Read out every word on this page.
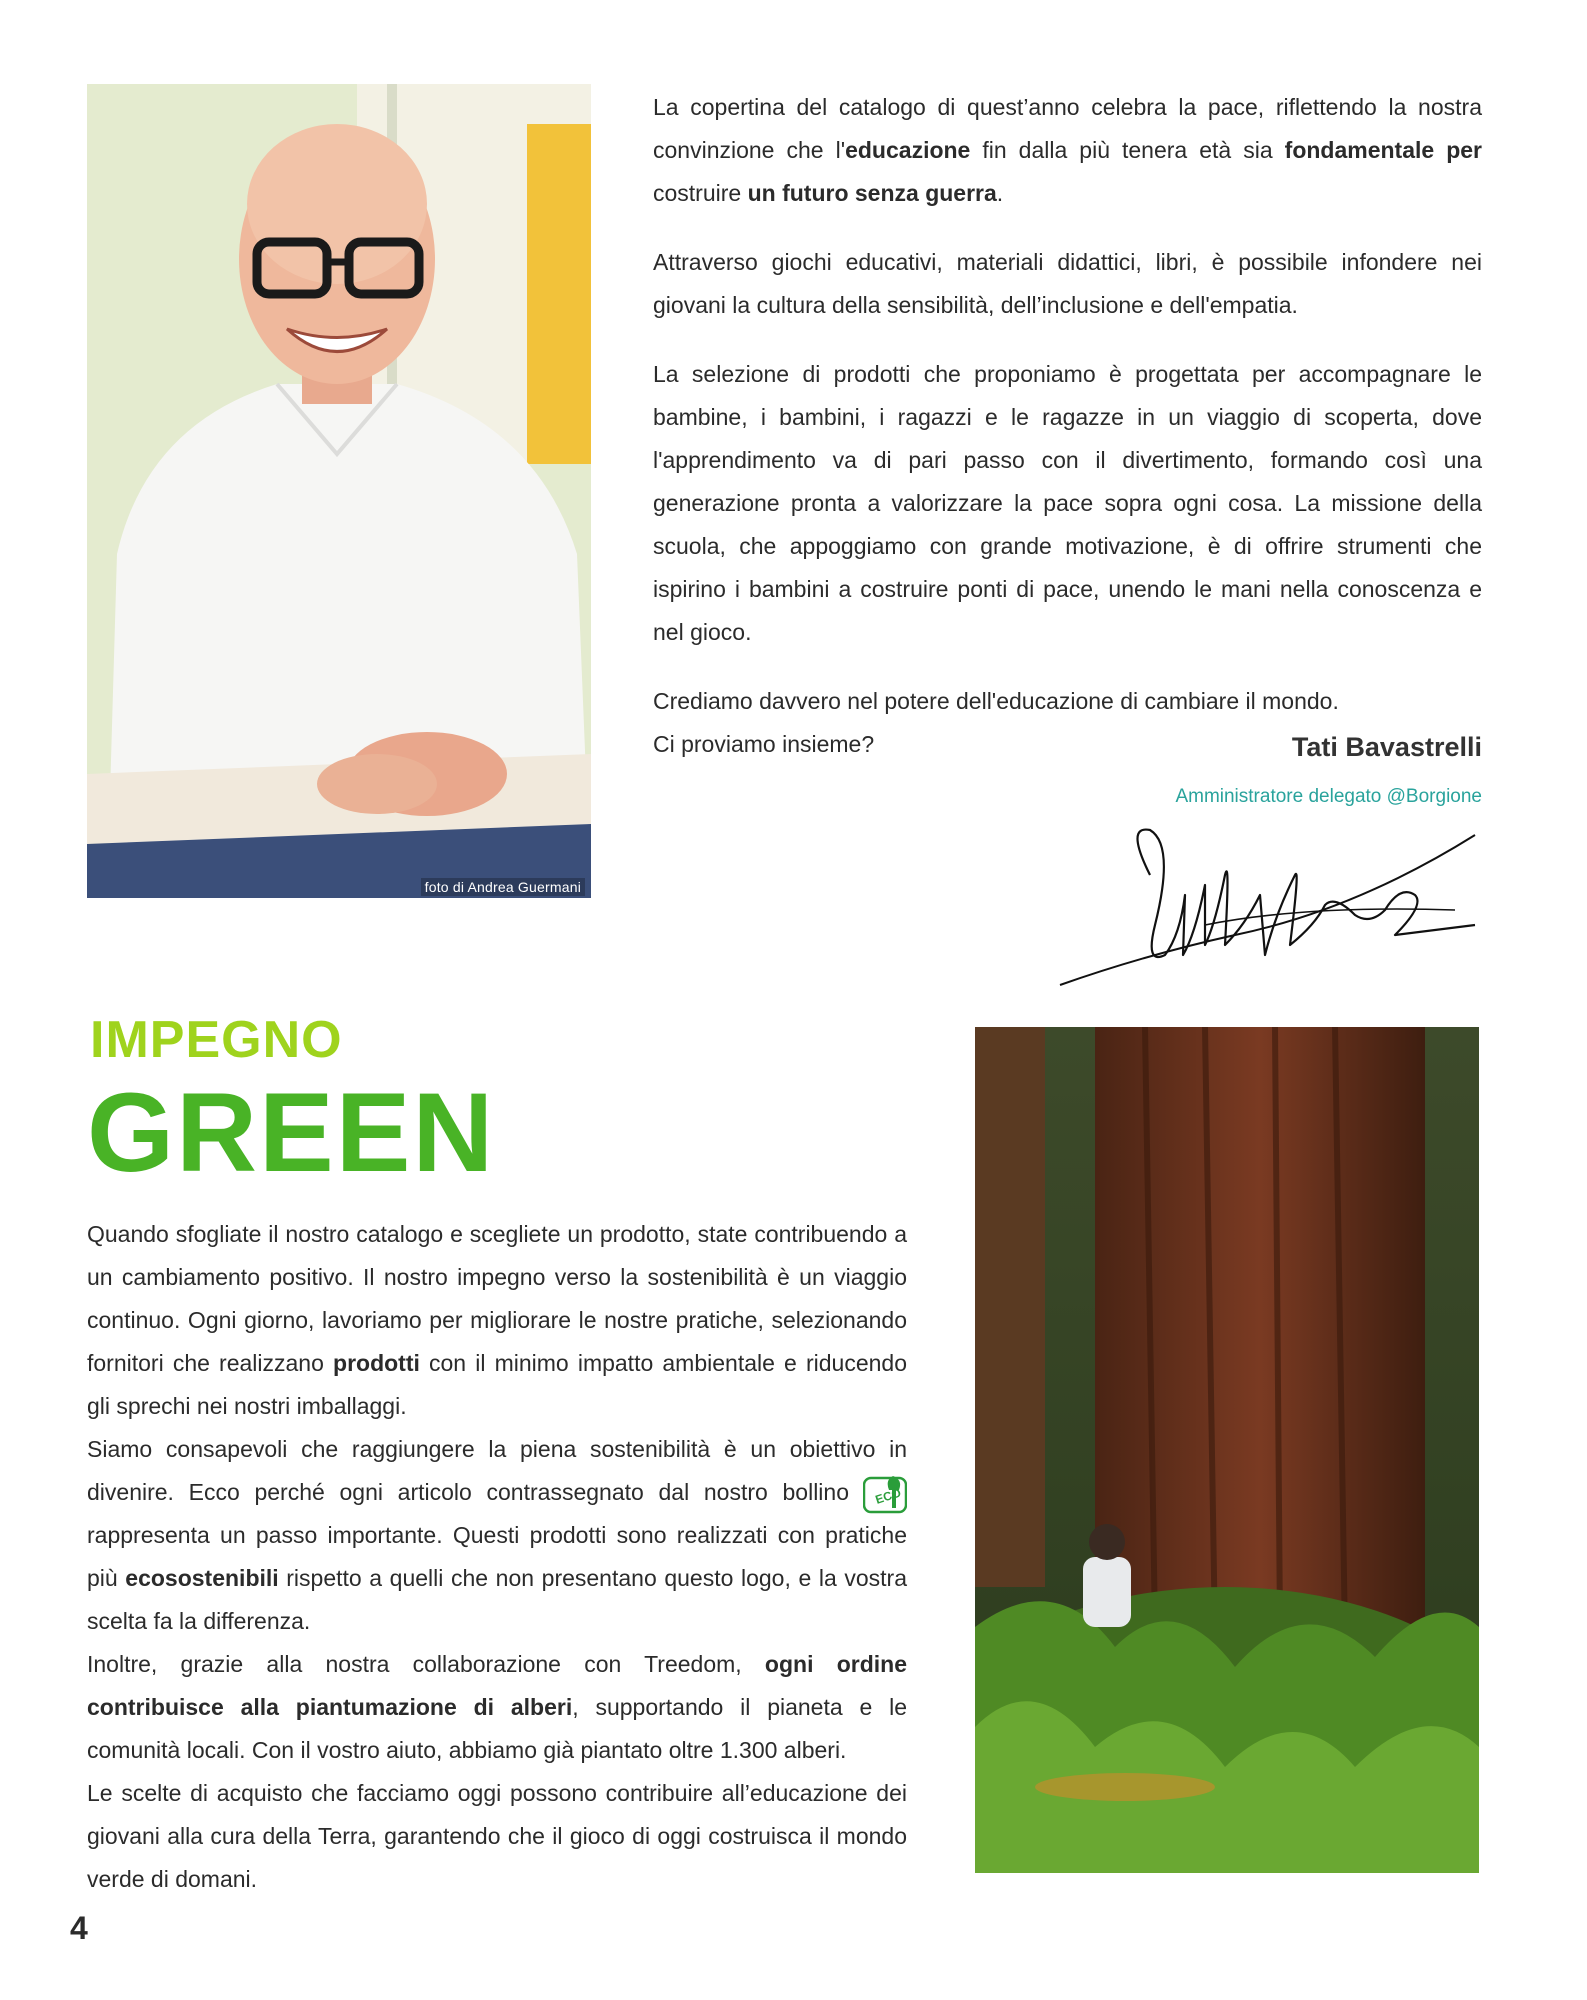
foto di Andrea Guermani

La copertina del catalogo di quest’anno celebra la pace, riflettendo la nostra convinzione che l'educazione fin dalla più tenera età sia fondamentale per costruire un futuro senza guerra.

Attraverso giochi educativi, materiali didattici, libri, è possibile infondere nei giovani la cultura della sensibilità, dell’inclusione e dell'empatia.

La selezione di prodotti che proponiamo è progettata per accompagnare le bambine, i bambini, i ragazzi e le ragazze in un viaggio di scoperta, dove l'apprendimento va di pari passo con il divertimento, formando così una generazione pronta a valorizzare la pace sopra ogni cosa. La missione della scuola, che appoggiamo con grande motivazione, è di offrire strumenti che ispirino i bambini a costruire ponti di pace, unendo le mani nella conoscenza e nel gioco.

Crediamo davvero nel potere dell'educazione di cambiare il mondo.
Ci proviamo insieme?	Tati Bavastrelli
Amministratore delegato @Borgione
IMPEGNO
GREEN

Quando sfogliate il nostro catalogo e scegliete un prodotto, state contribuendo a un cambiamento positivo. Il nostro impegno verso la sostenibilità è un viaggio continuo. Ogni giorno, lavoriamo per migliorare le nostre pratiche, selezionando fornitori che realizzano prodotti con il minimo impatto ambientale e riducendo gli sprechi nei nostri imballaggi.

Siamo consapevoli che raggiungere la piena sostenibilità è un obiettivo in divenire. Ecco perché ogni articolo contrassegnato dal nostro bollino ECO
rappresenta un passo importante. Questi prodotti sono realizzati con pratiche più ecosostenibili rispetto a quelli che non presentano questo logo, e la vostra scelta fa la differenza.

Inoltre, grazie alla nostra collaborazione con Treedom, ogni ordine contribuisce alla piantumazione di alberi, supportando il pianeta e le comunità locali. Con il vostro aiuto, abbiamo già piantato oltre 1.300 alberi.

Le scelte di acquisto che facciamo oggi possono contribuire all’educazione dei giovani alla cura della Terra, garantendo che il gioco di oggi costruisca il mondo verde di domani.

4
